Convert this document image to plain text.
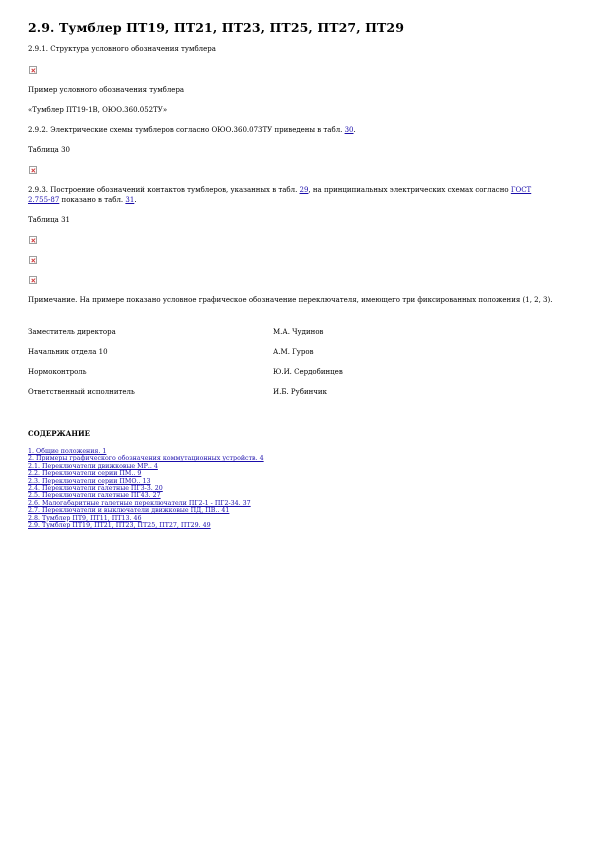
2.9. Тумблер ПТ19, ПТ21, ПТ23, ПТ25, ПТ27, ПТ29
2.9.1. Структура условного обозначения тумблера
Пример условного обозначения тумблера
«Тумблер ПТ19-1В, ОЮО.360.052ТУ»
2.9.2. Электрические схемы тумблеров согласно ОЮО.360.073ТУ приведены в табл. 30.
Таблица 30
2.9.3. Построение обозначений контактов тумблеров, указанных в табл. 29, на принципиальных электрических схемах согласно ГОСТ 2.755-87 показано в табл. 31.
Таблица 31
Примечание. На примере показано условное графическое обозначение переключателя, имеющего три фиксированных положения (1, 2, 3).
Заместитель директора	М.А. Чудинов
Начальник отдела 10	А.М. Гуров
Нормоконтроль	Ю.И. Сердобинцев
Ответственный исполнитель	И.Б. Рубинчик
СОДЕРЖАНИЕ
1. Общие положения. 1
2. Примеры графического обозначения коммутационных устройств. 4
2.1. Переключатели движковые МР.. 4
2.2. Переключатели серии ПМ.. 9
2.3. Переключатели серии ПМО.. 13
2.4. Переключатели галетные ПГ3-3. 20
2.5. Переключатели галетные ПГ43. 27
2.6. Малогабаритные галетные переключатели ПГ2-1 - ПГ2-34. 37
2.7. Переключатели и выключатели движковые ПД, ПВ.. 41
2.8. Тумблер ПТ9, ПТ11, ПТ13. 46
2.9. Тумблер ПТ19, ПТ21, ПТ23, ПТ25, ПТ27, ПТ29. 49
